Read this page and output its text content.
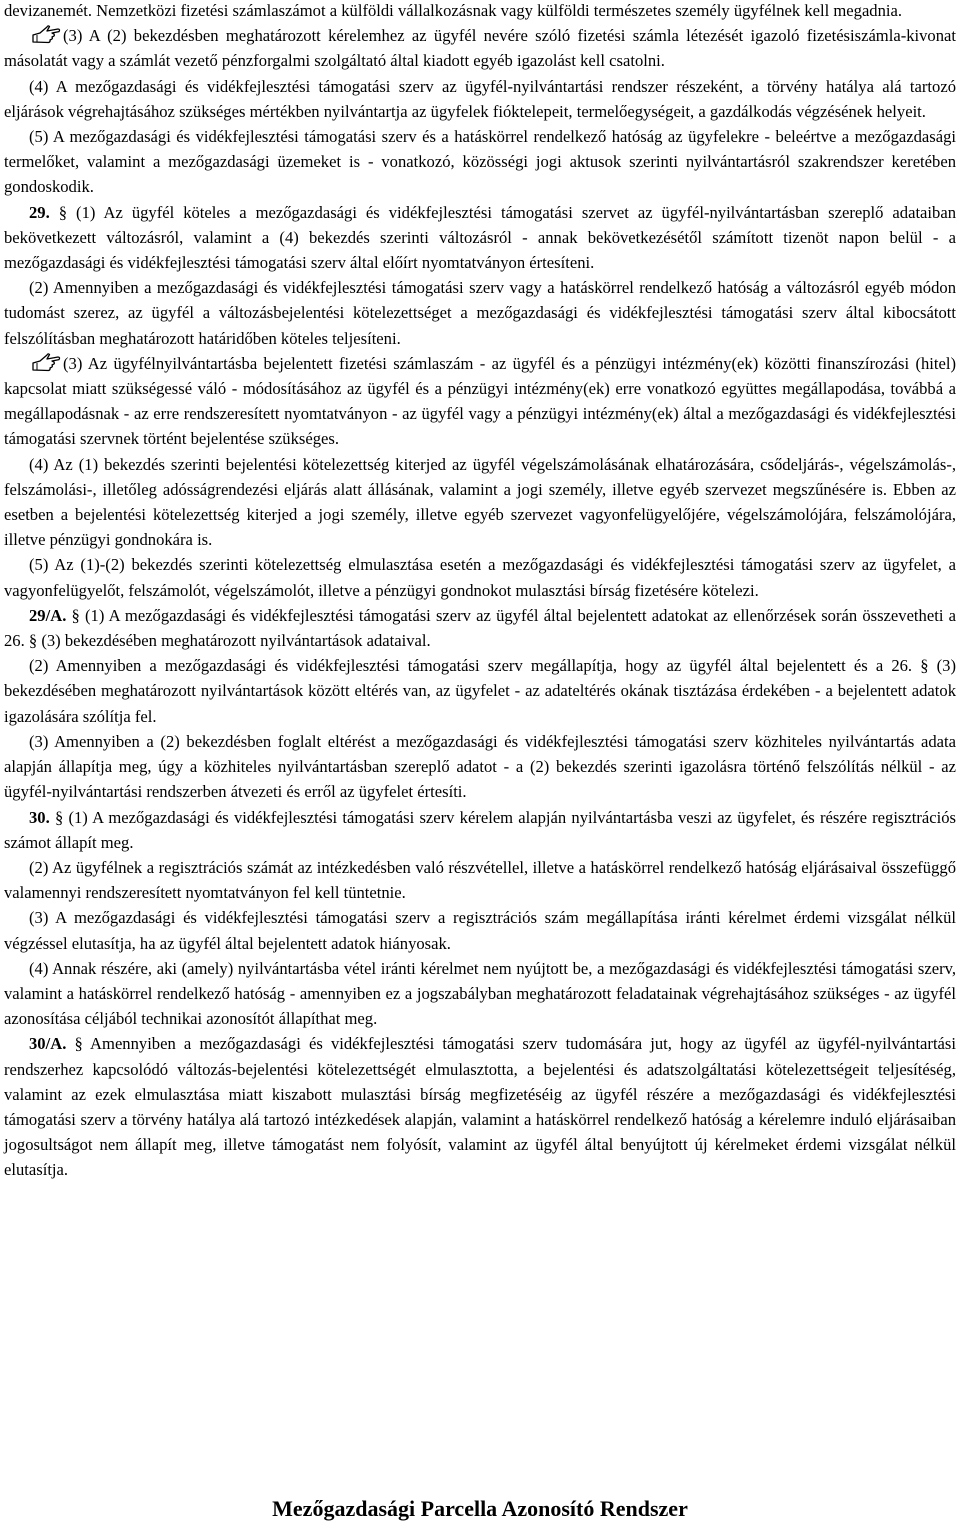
devizanemét. Nemzetközi fizetési számlaszámot a külföldi vállalkozásnak vagy külföldi természetes személy ügyfélnek kell megadnia.

(3) A (2) bekezdésben meghatározott kérelemhez az ügyfél nevére szóló fizetési számla létezését igazoló fizetésiszámla-kivonat másolatát vagy a számlát vezető pénzforgalmi szolgáltató által kiadott egyéb igazolást kell csatolni.

(4) A mezőgazdasági és vidékfejlesztési támogatási szerv az ügyfél-nyilvántartási rendszer részeként, a törvény hatálya alá tartozó eljárások végrehajtásához szükséges mértékben nyilvántartja az ügyfelek fióktelepeit, termelőegységeit, a gazdálkodás végzésének helyeit.

(5) A mezőgazdasági és vidékfejlesztési támogatási szerv és a hatáskörrel rendelkező hatóság az ügyfelekre - beleértve a mezőgazdasági termelőket, valamint a mezőgazdasági üzemeket is - vonatkozó, közösségi jogi aktusok szerinti nyilvántartásról szakrendszer keretében gondoskodik.

29. § (1) Az ügyfél köteles a mezőgazdasági és vidékfejlesztési támogatási szervet az ügyfél-nyilvántartásban szereplő adataiban bekövetkezett változásról, valamint a (4) bekezdés szerinti változásról - annak bekövetkezésétől számított tizenöt napon belül - a mezőgazdasági és vidékfejlesztési támogatási szerv által előírt nyomtatványon értesíteni.

(2) Amennyiben a mezőgazdasági és vidékfejlesztési támogatási szerv vagy a hatáskörrel rendelkező hatóság a változásról egyéb módon tudomást szerez, az ügyfél a változásbejelentési kötelezettséget a mezőgazdasági és vidékfejlesztési támogatási szerv által kibocsátott felszólításban meghatározott határidőben köteles teljesíteni.

(3) Az ügyfélnyilvántartásba bejelentett fizetési számlaszám - az ügyfél és a pénzügyi intézmény(ek) közötti finanszírozási (hitel) kapcsolat miatt szükségessé váló - módosításához az ügyfél és a pénzügyi intézmény(ek) erre vonatkozó együttes megállapodása, továbbá a megállapodásnak - az erre rendszeresített nyomtatványon - az ügyfél vagy a pénzügyi intézmény(ek) által a mezőgazdasági és vidékfejlesztési támogatási szervnek történt bejelentése szükséges.

(4) Az (1) bekezdés szerinti bejelentési kötelezettség kiterjed az ügyfél végelszámolásának elhatározására, csődeljárás-, végelszámolás-, felszámolási-, illetőleg adósságrendezési eljárás alatt állásának, valamint a jogi személy, illetve egyéb szervezet megszűnésére is. Ebben az esetben a bejelentési kötelezettség kiterjed a jogi személy, illetve egyéb szervezet vagyonfelügyelőjére, végelszámolójára, felszámolójára, illetve pénzügyi gondnokára is.

(5) Az (1)-(2) bekezdés szerinti kötelezettség elmulasztása esetén a mezőgazdasági és vidékfejlesztési támogatási szerv az ügyfelet, a vagyonfelügyelőt, felszámolót, végelszámolót, illetve a pénzügyi gondnokot mulasztási bírság fizetésére kötelezi.

29/A. § (1) A mezőgazdasági és vidékfejlesztési támogatási szerv az ügyfél által bejelentett adatokat az ellenőrzések során összevetheti a 26. § (3) bekezdésében meghatározott nyilvántartások adataival.

(2) Amennyiben a mezőgazdasági és vidékfejlesztési támogatási szerv megállapítja, hogy az ügyfél által bejelentett és a 26. § (3) bekezdésében meghatározott nyilvántartások között eltérés van, az ügyfelet - az adateltérés okának tisztázása érdekében - a bejelentett adatok igazolására szólítja fel.

(3) Amennyiben a (2) bekezdésben foglalt eltérést a mezőgazdasági és vidékfejlesztési támogatási szerv közhiteles nyilvántartás adata alapján állapítja meg, úgy a közhiteles nyilvántartásban szereplő adatot - a (2) bekezdés szerinti igazolásra történő felszólítás nélkül - az ügyfél-nyilvántartási rendszerben átvezeti és erről az ügyfelet értesíti.

30. § (1) A mezőgazdasági és vidékfejlesztési támogatási szerv kérelem alapján nyilvántartásba veszi az ügyfelet, és részére regisztrációs számot állapít meg.

(2) Az ügyfélnek a regisztrációs számát az intézkedésben való részvétellel, illetve a hatáskörrel rendelkező hatóság eljárásaival összefüggő valamennyi rendszeresített nyomtatványon fel kell tüntetnie.

(3) A mezőgazdasági és vidékfejlesztési támogatási szerv a regisztrációs szám megállapítása iránti kérelmet érdemi vizsgálat nélkül végzéssel elutasítja, ha az ügyfél által bejelentett adatok hiányosak.

(4) Annak részére, aki (amely) nyilvántartásba vétel iránti kérelmet nem nyújtott be, a mezőgazdasági és vidékfejlesztési támogatási szerv, valamint a hatáskörrel rendelkező hatóság - amennyiben ez a jogszabályban meghatározott feladatainak végrehajtásához szükséges - az ügyfél azonosítása céljából technikai azonosítót állapíthat meg.

30/A. § Amennyiben a mezőgazdasági és vidékfejlesztési támogatási szerv tudomására jut, hogy az ügyfél az ügyfél-nyilvántartási rendszerhez kapcsolódó változás-bejelentési kötelezettségét elmulasztotta, a bejelentési és adatszolgáltatási kötelezettségeit teljesítéség, valamint az ezek elmulasztása miatt kiszabott mulasztási bírság megfizetéséig az ügyfél részére a mezőgazdasági és vidékfejlesztési támogatási szerv a törvény hatálya alá tartozó intézkedések alapján, valamint a hatáskörrel rendelkező hatóság a kérelemre induló eljárásaiban jogosultságot nem állapít meg, illetve támogatást nem folyósít, valamint az ügyfél által benyújtott új kérelmeket érdemi vizsgálat nélkül elutasítja.

Mezőgazdasági Parcella Azonosító Rendszer
